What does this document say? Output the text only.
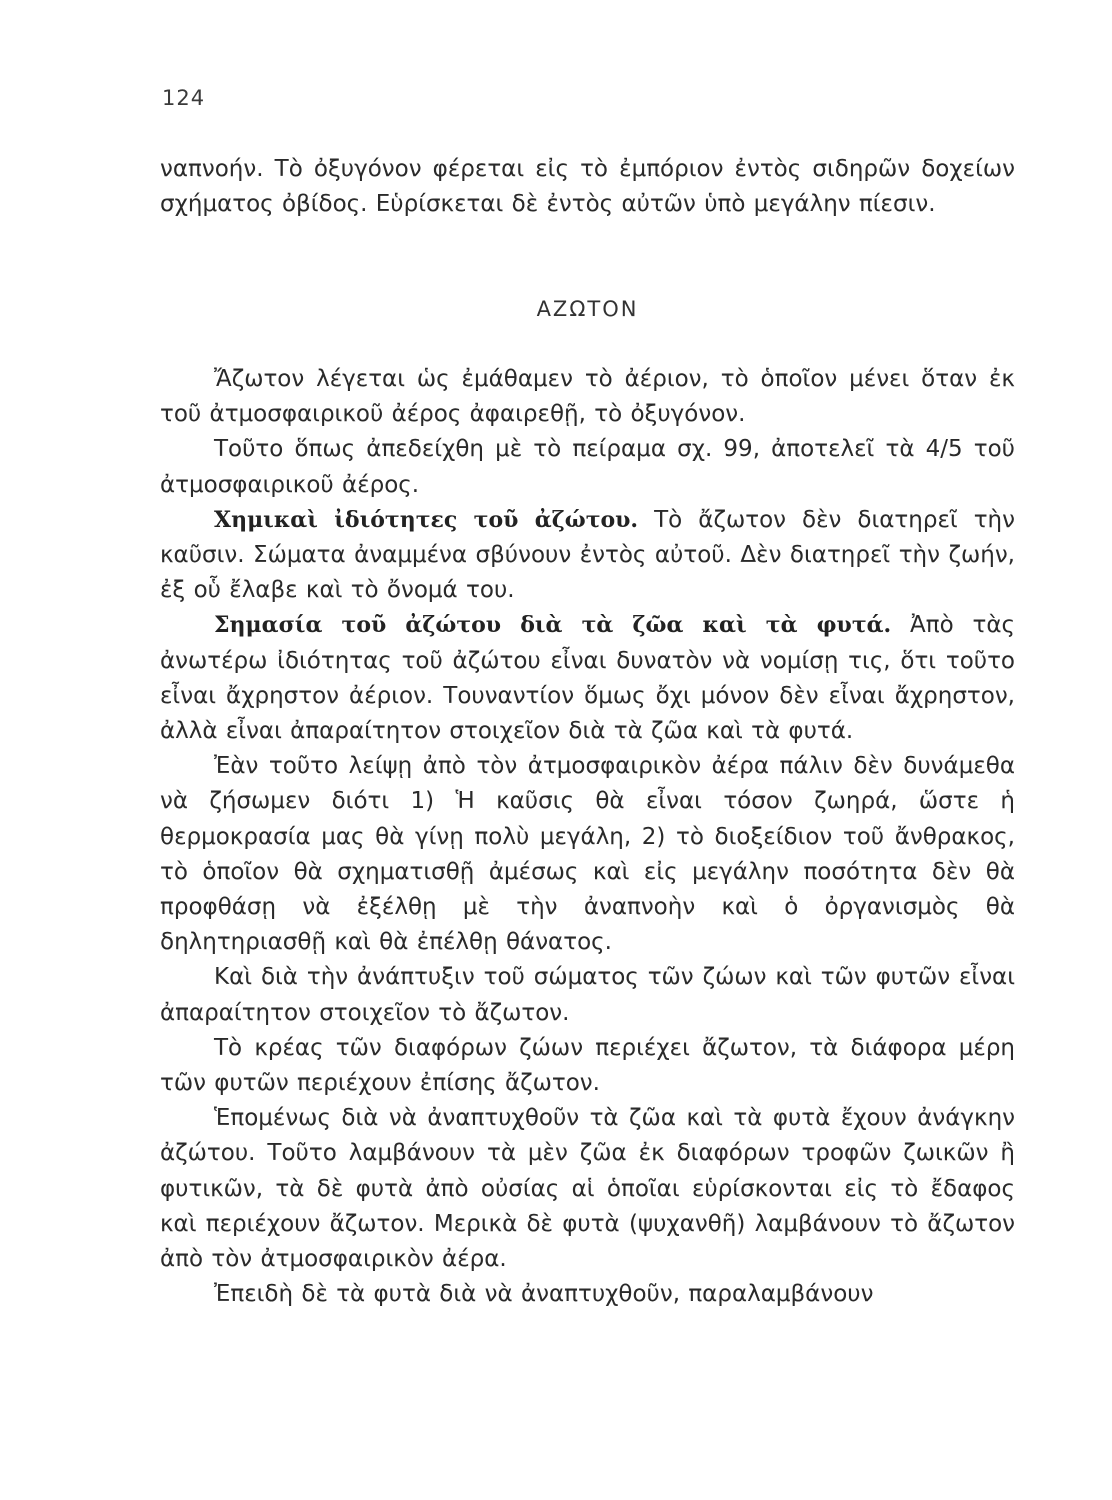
124

ναπνοήν. Τὸ ὀξυγόνον φέρεται εἰς τὸ ἐμπόριον ἐντὸς σιδηρῶν δοχείων σχήματος ὀβίδος. Εὑρίσκεται δὲ ἐντὸς αὐτῶν ὑπὸ μεγάλην πίεσιν.

ΑΖΩΤΟΝ

Ἄζωτον λέγεται ὡς ἐμάθαμεν τὸ ἀέριον, τὸ ὁποῖον μένει ὅταν ἐκ τοῦ ἀτμοσφαιρικοῦ ἀέρος ἀφαιρεθῇ, τὸ ὀξυγόνον.

Τοῦτο ὅπως ἀπεδείχθη μὲ τὸ πείραμα σχ. 99, ἀποτελεῖ τὰ 4/5 τοῦ ἀτμοσφαιρικοῦ ἀέρος.

Χημικαὶ ἰδιότητες τοῦ ἀζώτου. Τὸ ἄζωτον δὲν διατηρεῖ τὴν καῦσιν. Σώματα ἀναμμένα σβύνουν ἐντὸς αὐτοῦ. Δὲν διατηρεῖ τὴν ζωήν, ἐξ οὗ ἔλαβε καὶ τὸ ὄνομά του.

Σημασία τοῦ ἀζώτου διὰ τὰ ζῶα καὶ τὰ φυτά. Ἀπὸ τὰς ἀνωτέρω ἰδιότητας τοῦ ἀζώτου εἶναι δυνατὸν νὰ νομίσῃ τις, ὅτι τοῦτο εἶναι ἄχρηστον ἀέριον. Τουναντίον ὅμως ὄχι μόνον δὲν εἶναι ἄχρηστον, ἀλλὰ εἶναι ἀπαραίτητον στοιχεῖον διὰ τὰ ζῶα καὶ τὰ φυτά.

Ἐὰν τοῦτο λείψῃ ἀπὸ τὸν ἀτμοσφαιρικὸν ἀέρα πάλιν δὲν δυνάμεθα νὰ ζήσωμεν διότι 1) Ἡ καῦσις θὰ εἶναι τόσον ζωηρά, ὥστε ἡ θερμοκρασία μας θὰ γίνῃ πολὺ μεγάλη, 2) τὸ διοξείδιον τοῦ ἄνθρακος, τὸ ὁποῖον θὰ σχηματισθῇ ἀμέσως καὶ εἰς μεγάλην ποσότητα δὲν θὰ προφθάσῃ νὰ ἐξέλθῃ μὲ τὴν ἀναπνοὴν καὶ ὁ ὀργανισμὸς θὰ δηλητηριασθῇ καὶ θὰ ἐπέλθῃ θάνατος.

Καὶ διὰ τὴν ἀνάπτυξιν τοῦ σώματος τῶν ζώων καὶ τῶν φυτῶν εἶναι ἀπαραίτητον στοιχεῖον τὸ ἄζωτον.

Τὸ κρέας τῶν διαφόρων ζώων περιέχει ἄζωτον, τὰ διάφορα μέρη τῶν φυτῶν περιέχουν ἐπίσης ἄζωτον.

Ἑπομένως διὰ νὰ ἀναπτυχθοῦν τὰ ζῶα καὶ τὰ φυτὰ ἔχουν ἀνάγκην ἀζώτου. Τοῦτο λαμβάνουν τὰ μὲν ζῶα ἐκ διαφόρων τροφῶν ζωικῶν ἢ φυτικῶν, τὰ δὲ φυτὰ ἀπὸ οὐσίας αἱ ὁποῖαι εὑρίσκονται εἰς τὸ ἔδαφος καὶ περιέχουν ἄζωτον. Μερικὰ δὲ φυτὰ (ψυχανθῆ) λαμβάνουν τὸ ἄζωτον ἀπὸ τὸν ἀτμοσφαιρικὸν ἀέρα.

Ἐπειδὴ δὲ τὰ φυτὰ διὰ νὰ ἀναπτυχθοῦν, παραλαμβάνουν
